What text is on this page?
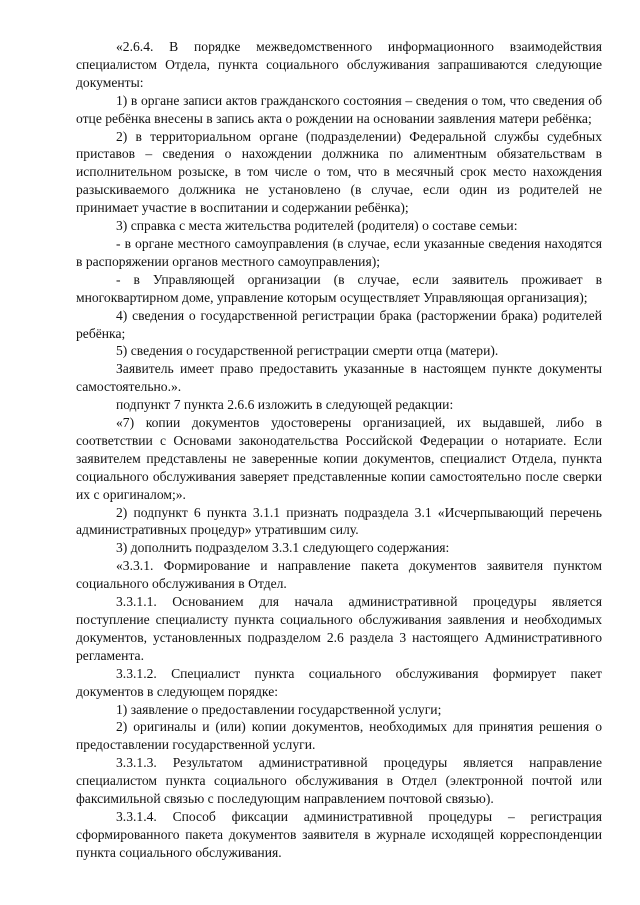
«2.6.4. В порядке межведомственного информационного взаимодействия специалистом Отдела, пункта социального обслуживания запрашиваются следующие документы:

1) в органе записи актов гражданского состояния – сведения о том, что сведения об отце ребёнка внесены в запись акта о рождении на основании заявления матери ребёнка;

2) в территориальном органе (подразделении) Федеральной службы судебных приставов – сведения о нахождении должника по алиментным обязательствам в исполнительном розыске, в том числе о том, что в месячный срок место нахождения разыскиваемого должника не установлено (в случае, если один из родителей не принимает участие в воспитании и содержании ребёнка);

3) справка с места жительства родителей (родителя) о составе семьи:

- в органе местного самоуправления (в случае, если указанные сведения находятся в распоряжении органов местного самоуправления);

- в Управляющей организации (в случае, если заявитель проживает в многоквартирном доме, управление которым осуществляет Управляющая организация);

4) сведения о государственной регистрации брака (расторжении брака) родителей ребёнка;

5) сведения о государственной регистрации смерти отца (матери).

Заявитель имеет право предоставить указанные в настоящем пункте документы самостоятельно.».

подпункт 7 пункта 2.6.6 изложить в следующей редакции:

«7) копии документов удостоверены организацией, их выдавшей, либо в соответствии с Основами законодательства Российской Федерации о нотариате. Если заявителем представлены не заверенные копии документов, специалист Отдела, пункта социального обслуживания заверяет представленные копии самостоятельно после сверки их с оригиналом;».

2) подпункт 6 пункта 3.1.1 признать подраздела 3.1 «Исчерпывающий перечень административных процедур» утратившим силу.

3) дополнить подразделом 3.3.1 следующего содержания:

«3.3.1. Формирование и направление пакета документов заявителя пунктом социального обслуживания в Отдел.

3.3.1.1. Основанием для начала административной процедуры является поступление специалисту пункта социального обслуживания заявления и необходимых документов, установленных подразделом 2.6 раздела 3 настоящего Административного регламента.

3.3.1.2. Специалист пункта социального обслуживания формирует пакет документов в следующем порядке:

1) заявление о предоставлении государственной услуги;

2) оригиналы и (или) копии документов, необходимых для принятия решения о предоставлении государственной услуги.

3.3.1.3. Результатом административной процедуры является направление специалистом пункта социального обслуживания в Отдел (электронной почтой или факсимильной связью с последующим направлением почтовой связью).

3.3.1.4. Способ фиксации административной процедуры – регистрация сформированного пакета документов заявителя в журнале исходящей корреспонденции пункта социального обслуживания.
